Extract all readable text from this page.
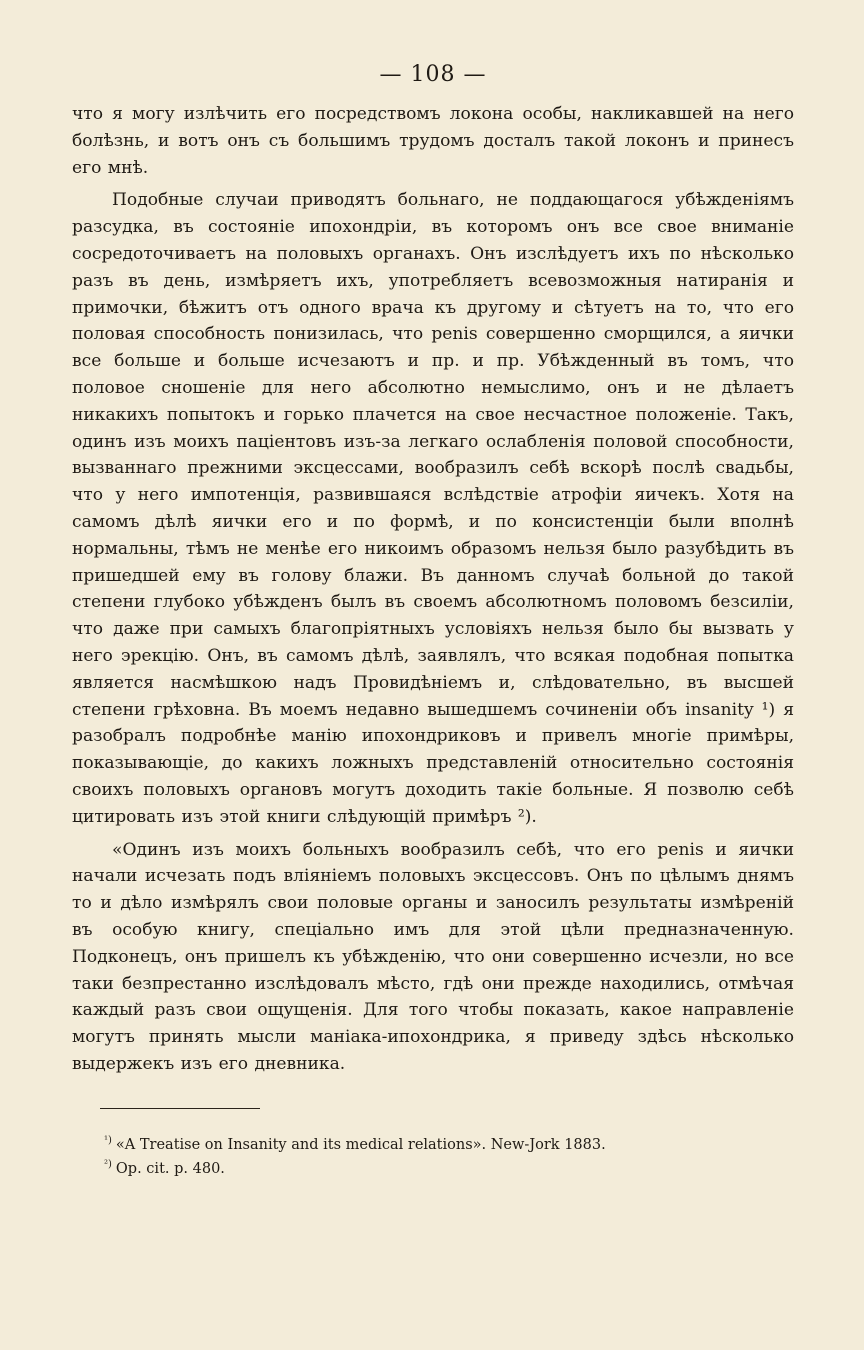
— 108 —

что я могу излѣчить его посредствомъ локона особы, накликавшей на него болѣзнь, и вотъ онъ съ большимъ трудомъ досталъ такой локонъ и принесъ его мнѣ.

Подобные случаи приводятъ больнаго, не поддающагося убѣжденіямъ разсудка, въ состояніе ипохондріи, въ которомъ онъ все свое вниманіе сосредоточиваетъ на половыхъ органахъ. Онъ изслѣдуетъ ихъ по нѣсколько разъ въ день, измѣряетъ ихъ, употребляетъ всевозможныя натиранія и примочки, бѣжитъ отъ одного врача къ другому и сѣтуетъ на то, что его половая способность понизилась, что penis совершенно сморщился, а яички все больше и больше исчезаютъ и пр. и пр. Убѣжденный въ томъ, что половое сношеніе для него абсолютно немыслимо, онъ и не дѣлаетъ никакихъ попытокъ и горько плачется на свое несчастное положеніе. Такъ, одинъ изъ моихъ паціентовъ изъ-за легкаго ослабленія половой способности, вызваннаго прежними эксцессами, вообразилъ себѣ вскорѣ послѣ свадьбы, что у него импотенція, развившаяся вслѣдствіе атрофіи яичекъ. Хотя на самомъ дѣлѣ яички его и по формѣ, и по консистенціи были вполнѣ нормальны, тѣмъ не менѣе его никоимъ образомъ нельзя было разубѣдить въ пришедшей ему въ голову блажи. Въ данномъ случаѣ больной до такой степени глубоко убѣжденъ былъ въ своемъ абсолютномъ половомъ безсиліи, что даже при самыхъ благопріятныхъ условіяхъ нельзя было бы вызвать у него эрекцію. Онъ, въ самомъ дѣлѣ, заявлялъ, что всякая подобная попытка является насмѣшкою надъ Провидѣніемъ и, слѣдовательно, въ высшей степени грѣховна. Въ моемъ недавно вышедшемъ сочиненіи объ insanity ¹) я разобралъ подробнѣе манію ипохондриковъ и привелъ многіе примѣры, показывающіе, до какихъ ложныхъ представленій относительно состоянія своихъ половыхъ органовъ могутъ доходить такіе больные. Я позволю себѣ цитировать изъ этой книги слѣдующій примѣръ ²).

«Одинъ изъ моихъ больныхъ вообразилъ себѣ, что его penis и яички начали исчезать подъ вліяніемъ половыхъ эксцессовъ. Онъ по цѣлымъ днямъ то и дѣло измѣрялъ свои половые органы и заносилъ результаты измѣреній въ особую книгу, спеціально имъ для этой цѣли предназначенную. Подконецъ, онъ пришелъ къ убѣжденію, что они совершенно исчезли, но все таки безпрестанно изслѣдовалъ мѣсто, гдѣ они прежде находились, отмѣчая каждый разъ свои ощущенія. Для того чтобы показать, какое направленіе могутъ принять мысли маніака-ипохондрика, я приведу здѣсь нѣсколько выдержекъ изъ его дневника.

$^{^1)}$ «A Treatise on Insanity and its medical relations». New-Jork 1883.
$^{^2)}$ Op. cit. p. 480.
